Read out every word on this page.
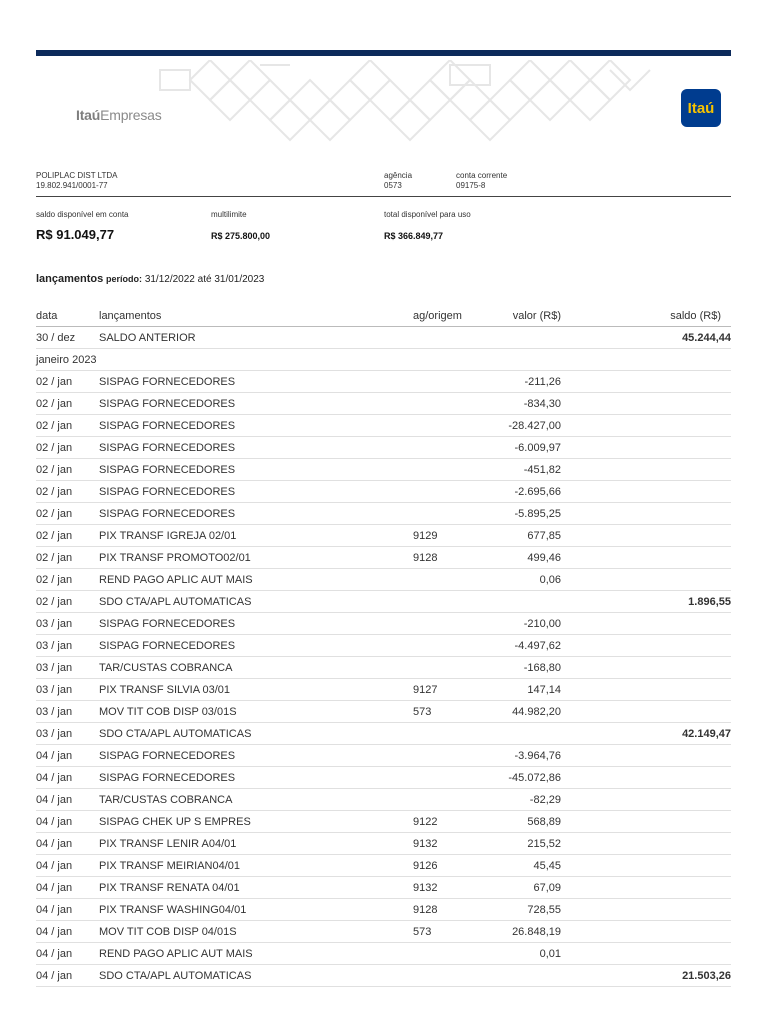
ItaúEmpresas	Itaú
POLIPLAC DIST LTDA
19.802.941/0001-77
agência
0573
conta corrente
09175-8
saldo disponível em conta	multilimite	total disponível para uso
R$ 91.049,77	R$ 275.800,00	R$ 366.849,77
lançamentos período: 31/12/2022 até 31/01/2023
data	lançamentos	ag/origem	valor (R$)	saldo (R$)
30 / dez	SALDO ANTERIOR			45.244,44
janeiro 2023				
02 / jan	SISPAG FORNECEDORES		-211,26	
02 / jan	SISPAG FORNECEDORES		-834,30	
02 / jan	SISPAG FORNECEDORES		-28.427,00	
02 / jan	SISPAG FORNECEDORES		-6.009,97	
02 / jan	SISPAG FORNECEDORES		-451,82	
02 / jan	SISPAG FORNECEDORES		-2.695,66	
02 / jan	SISPAG FORNECEDORES		-5.895,25	
02 / jan	PIX TRANSF IGREJA 02/01	9129	677,85	
02 / jan	PIX TRANSF PROMOTO02/01	9128	499,46	
02 / jan	REND PAGO APLIC AUT MAIS		0,06	
02 / jan	SDO CTA/APL AUTOMATICAS			1.896,55
03 / jan	SISPAG FORNECEDORES		-210,00	
03 / jan	SISPAG FORNECEDORES		-4.497,62	
03 / jan	TAR/CUSTAS COBRANCA		-168,80	
03 / jan	PIX TRANSF SILVIA 03/01	9127	147,14	
03 / jan	MOV TIT COB DISP 03/01S	573	44.982,20	
03 / jan	SDO CTA/APL AUTOMATICAS			42.149,47
04 / jan	SISPAG FORNECEDORES		-3.964,76	
04 / jan	SISPAG FORNECEDORES		-45.072,86	
04 / jan	TAR/CUSTAS COBRANCA		-82,29	
04 / jan	SISPAG CHEK UP S EMPRES	9122	568,89	
04 / jan	PIX TRANSF LENIR A04/01	9132	215,52	
04 / jan	PIX TRANSF MEIRIAN04/01	9126	45,45	
04 / jan	PIX TRANSF RENATA 04/01	9132	67,09	
04 / jan	PIX TRANSF WASHING04/01	9128	728,55	
04 / jan	MOV TIT COB DISP 04/01S	573	26.848,19	
04 / jan	REND PAGO APLIC AUT MAIS		0,01	
04 / jan	SDO CTA/APL AUTOMATICAS			21.503,26
